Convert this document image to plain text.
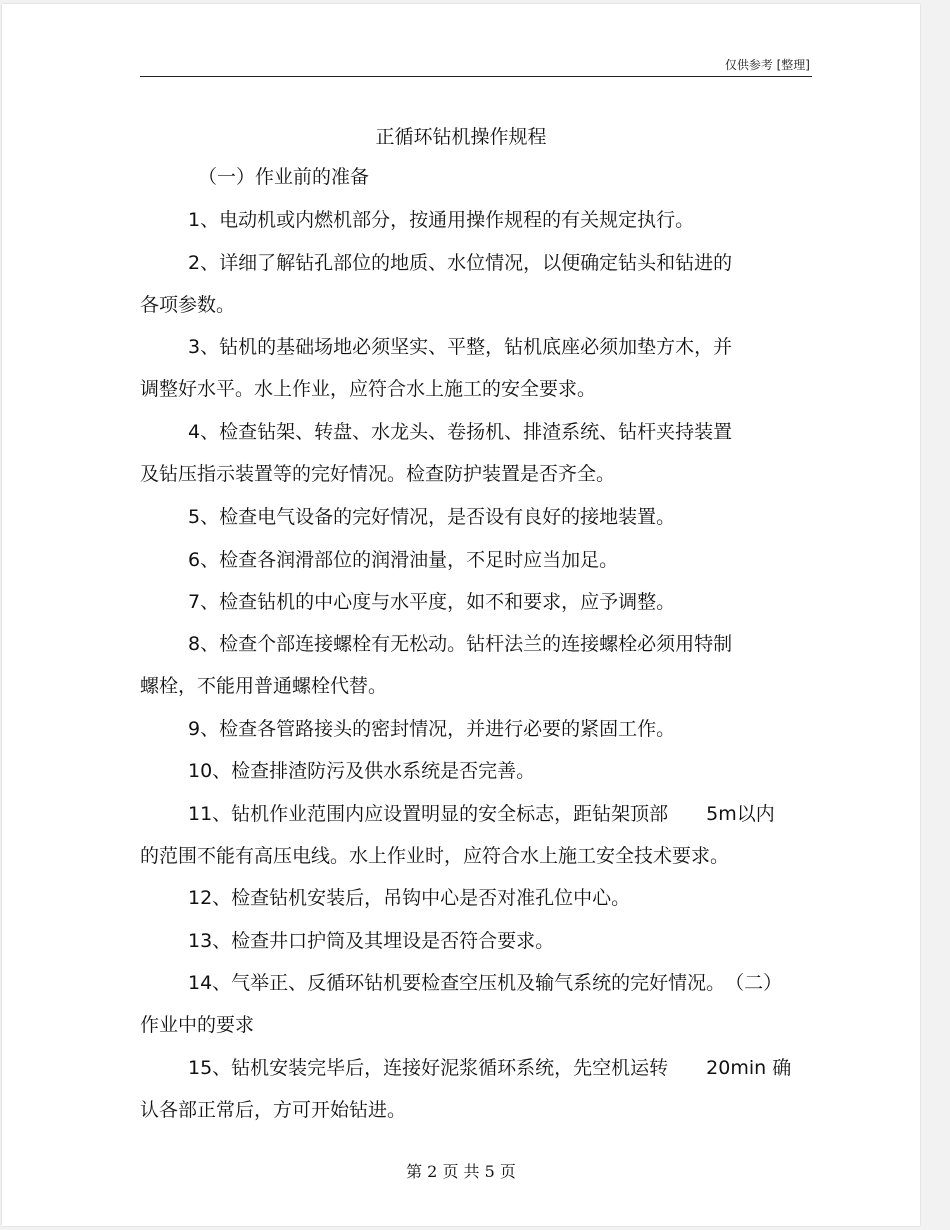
仅供参考 [整理]
正循环钻机操作规程
（一）作业前的准备
1、电动机或内燃机部分，按通用操作规程的有关规定执行。
2、详细了解钻孔部位的地质、水位情况，以便确定钻头和钻进的
各项参数。
3、钻机的基础场地必须坚实、平整，钻机底座必须加垫方木，并
调整好水平。水上作业，应符合水上施工的安全要求。
4、检查钻架、转盘、水龙头、卷扬机、排渣系统、钻杆夹持装置
及钻压指示装置等的完好情况。检查防护装置是否齐全。
5、检查电气设备的完好情况，是否设有良好的接地装置。
6、检查各润滑部位的润滑油量，不足时应当加足。
7、检查钻机的中心度与水平度，如不和要求，应予调整。
8、检查个部连接螺栓有无松动。钻杆法兰的连接螺栓必须用特制
螺栓，不能用普通螺栓代替。
9、检查各管路接头的密封情况，并进行必要的紧固工作。
10、检查排渣防污及供水系统是否完善。
11、钻机作业范围内应设置明显的安全标志，距钻架顶部　　5m以内
的范围不能有高压电线。水上作业时，应符合水上施工安全技术要求。
12、检查钻机安装后，吊钩中心是否对准孔位中心。
13、检查井口护筒及其埋设是否符合要求。
14、气举正、反循环钻机要检查空压机及输气系统的完好情况。　（二）
作业中的要求
15、钻机安装完毕后，连接好泥浆循环系统，先空机运转　　20min 确
认各部正常后，方可开始钻进。
第 2 页 共 5 页
